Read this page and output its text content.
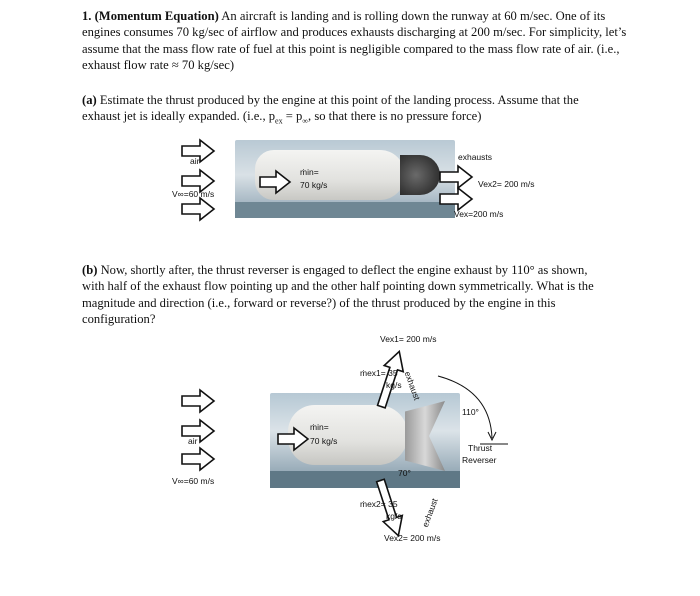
1. (Momentum Equation) An aircraft is landing and is rolling down the runway at 60 m/sec. One of its engines consumes 70 kg/sec of airflow and produces exhausts discharging at 200 m/sec. For simplicity, let’s assume that the mass flow rate of fuel at this point is negligible compared to the mass flow rate of air. (i.e., exhaust flow rate ≈ 70 kg/sec)

(a) Estimate the thrust produced by the engine at this point of the landing process. Assume that the exhaust jet is ideally expanded. (i.e., $p_{ex} = p_\infty$, so that there is no pressure force)

air
V∞=60 m/s
ṁin=
70 kg/s
exhausts
Vex2= 200 m/s
Vex=200 m/s

(b) Now, shortly after, the thrust reverser is engaged to deflect the engine exhaust by 110° as shown, with half of the exhaust flow pointing up and the other half pointing down symmetrically. What is the magnitude and direction (i.e., forward or reverse?) of the thrust produced by the engine in this configuration?

Vex1= 200 m/s
ṁex1= 35
kg/s exhaust
110°
Thrust
Reverser
air
V∞=60 m/s
ṁin=
70 kg/s
70°
ṁex2= 35
kg/s exhaust
Vex2= 200 m/s
